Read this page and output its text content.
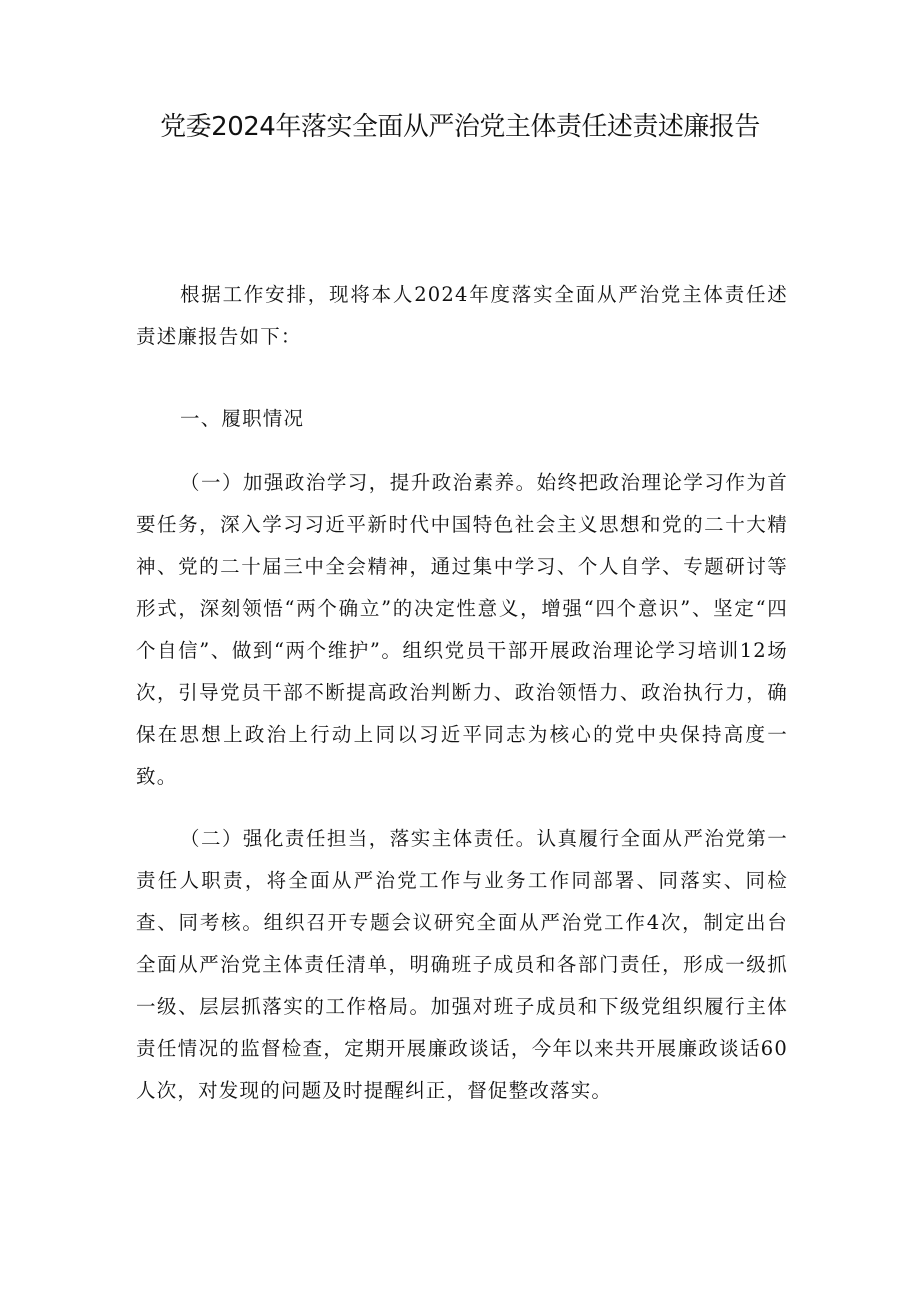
党委2024年落实全面从严治党主体责任述责述廉报告

根据工作安排，现将本人2024年度落实全面从严治党主体责任述责述廉报告如下：

一、履职情况

（一）加强政治学习，提升政治素养。始终把政治理论学习作为首要任务，深入学习习近平新时代中国特色社会主义思想和党的二十大精神、党的二十届三中全会精神，通过集中学习、个人自学、专题研讨等形式，深刻领悟“两个确立”的决定性意义，增强“四个意识”、坚定“四个自信”、做到“两个维护”。组织党员干部开展政治理论学习培训12场次，引导党员干部不断提高政治判断力、政治领悟力、政治执行力，确保在思想上政治上行动上同以习近平同志为核心的党中央保持高度一致。

（二）强化责任担当，落实主体责任。认真履行全面从严治党第一责任人职责，将全面从严治党工作与业务工作同部署、同落实、同检查、同考核。组织召开专题会议研究全面从严治党工作4次，制定出台全面从严治党主体责任清单，明确班子成员和各部门责任，形成一级抓一级、层层抓落实的工作格局。加强对班子成员和下级党组织履行主体责任情况的监督检查，定期开展廉政谈话，今年以来共开展廉政谈话60人次，对发现的问题及时提醒纠正，督促整改落实。
